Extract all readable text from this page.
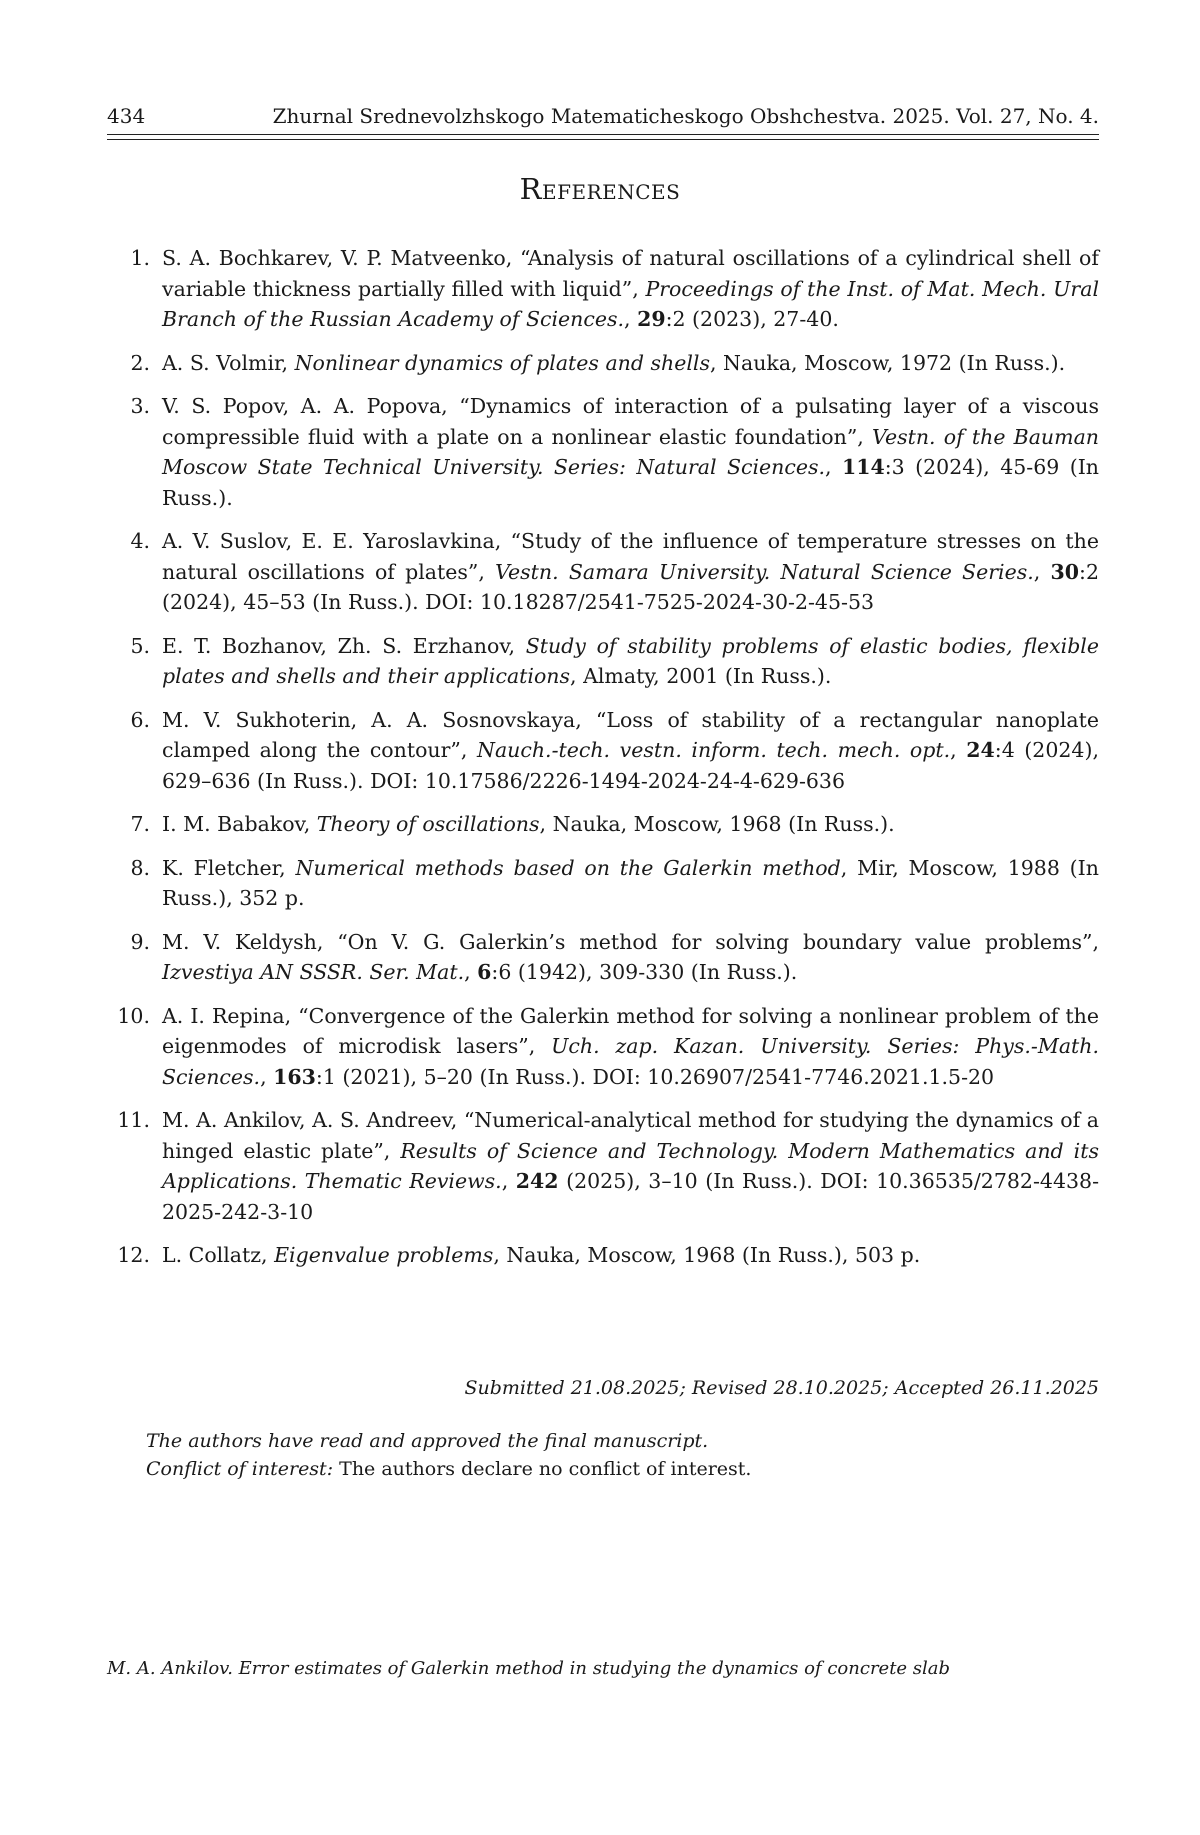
434	Zhurnal Srednevolzhskogo Matematicheskogo Obshchestva. 2025. Vol. 27, No. 4.
References
1. S. A. Bochkarev, V. P. Matveenko, “Analysis of natural oscillations of a cylindrical shell of variable thickness partially filled with liquid”, Proceedings of the Inst. of Mat. Mech. Ural Branch of the Russian Academy of Sciences., 29:2 (2023), 27-40.
2. A. S. Volmir, Nonlinear dynamics of plates and shells, Nauka, Moscow, 1972 (In Russ.).
3. V. S. Popov, A. A. Popova, “Dynamics of interaction of a pulsating layer of a viscous compressible fluid with a plate on a nonlinear elastic foundation”, Vestn. of the Bauman Moscow State Technical University. Series: Natural Sciences., 114:3 (2024), 45-69 (In Russ.).
4. A. V. Suslov, E. E. Yaroslavkina, “Study of the influence of temperature stresses on the natural oscillations of plates”, Vestn. Samara University. Natural Science Series., 30:2 (2024), 45–53 (In Russ.). DOI: 10.18287/2541-7525-2024-30-2-45-53
5. E. T. Bozhanov, Zh. S. Erzhanov, Study of stability problems of elastic bodies, flexible plates and shells and their applications, Almaty, 2001 (In Russ.).
6. M. V. Sukhoterin, A. A. Sosnovskaya, “Loss of stability of a rectangular nanoplate clamped along the contour”, Nauch.-tech. vestn. inform. tech. mech. opt., 24:4 (2024), 629–636 (In Russ.). DOI: 10.17586/2226-1494-2024-24-4-629-636
7. I. M. Babakov, Theory of oscillations, Nauka, Moscow, 1968 (In Russ.).
8. K. Fletcher, Numerical methods based on the Galerkin method, Mir, Moscow, 1988 (In Russ.), 352 p.
9. M. V. Keldysh, “On V. G. Galerkin’s method for solving boundary value problems”, Izvestiya AN SSSR. Ser. Mat., 6:6 (1942), 309-330 (In Russ.).
10. A. I. Repina, “Convergence of the Galerkin method for solving a nonlinear problem of the eigenmodes of microdisk lasers”, Uch. zap. Kazan. University. Series: Phys.-Math. Sciences., 163:1 (2021), 5–20 (In Russ.). DOI: 10.26907/2541-7746.2021.1.5-20
11. M. A. Ankilov, A. S. Andreev, “Numerical-analytical method for studying the dynamics of a hinged elastic plate”, Results of Science and Technology. Modern Mathematics and its Applications. Thematic Reviews., 242 (2025), 3–10 (In Russ.). DOI: 10.36535/2782-4438-2025-242-3-10
12. L. Collatz, Eigenvalue problems, Nauka, Moscow, 1968 (In Russ.), 503 p.
Submitted 21.08.2025; Revised 28.10.2025; Accepted 26.11.2025
The authors have read and approved the final manuscript.
Conflict of interest: The authors declare no conflict of interest.
M. A. Ankilov. Error estimates of Galerkin method in studying the dynamics of concrete slab
